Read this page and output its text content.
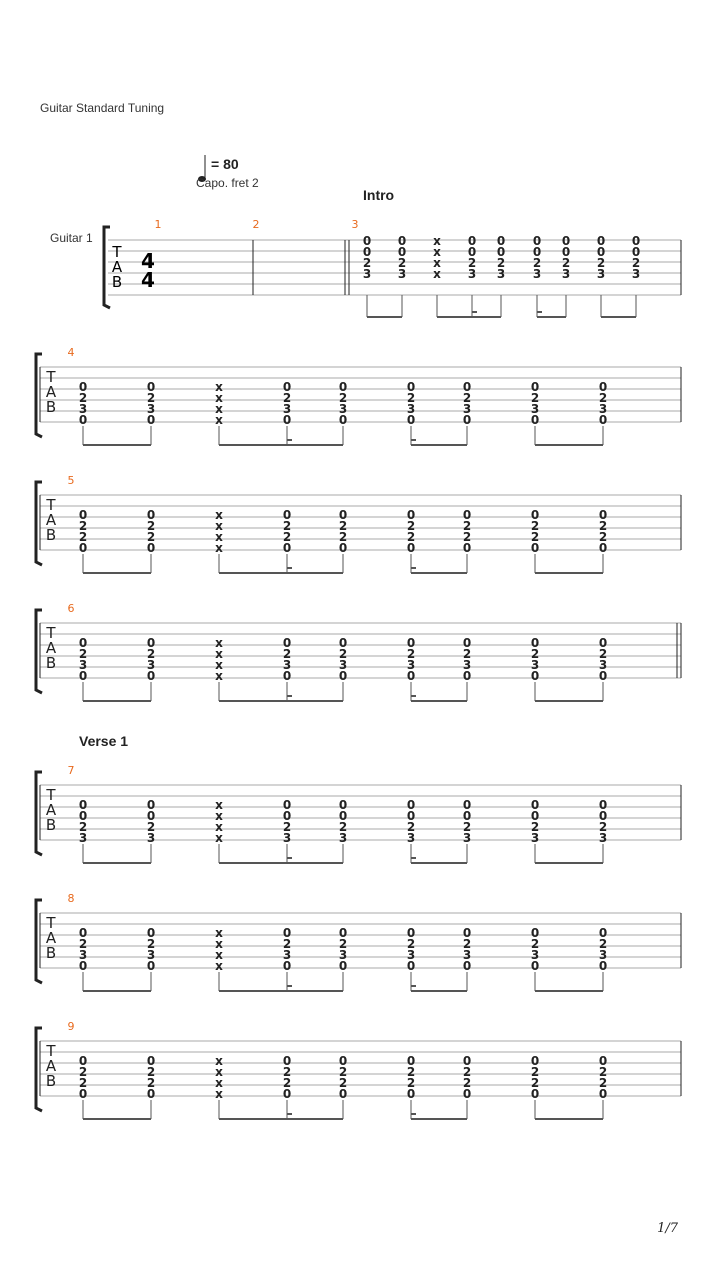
Guitar Standard Tuning
= 80
Capo. fret 2
Intro
Guitar 1
T
A
B
4
4
1	2	3
0
0
2
3
0
0
2
3
x
x
x
x
0
0
2
3
0
0
2
3
0
0
2
3
0
0
2
3
0
0
2
3
0
0
2
3
T
A
B
4
0
2
3
0
0
2
3
0
x
x
x
x
0
2
3
0
0
2
3
0
0
2
3
0
0
2
3
0
0
2
3
0
0
2
3
0
T
A
B
5
0
2
2
0
0
2
2
0
x
x
x
x
0
2
2
0
0
2
2
0
0
2
2
0
0
2
2
0
0
2
2
0
0
2
2
0
T
A
B
6
0
2
3
0
0
2
3
0
x
x
x
x
0
2
3
0
0
2
3
0
0
2
3
0
0
2
3
0
0
2
3
0
0
2
3
0
Verse 1
T
A
B
7
0
0
2
3
0
0
2
3
x
x
x
x
0
0
2
3
0
0
2
3
0
0
2
3
0
0
2
3
0
0
2
3
0
0
2
3
T
A
B
8
0
2
3
0
0
2
3
0
x
x
x
x
0
2
3
0
0
2
3
0
0
2
3
0
0
2
3
0
0
2
3
0
0
2
3
0
T
A
B
9
0
2
2
0
0
2
2
0
x
x
x
x
0
2
2
0
0
2
2
0
0
2
2
0
0
2
2
0
0
2
2
0
0
2
2
0
1/7
